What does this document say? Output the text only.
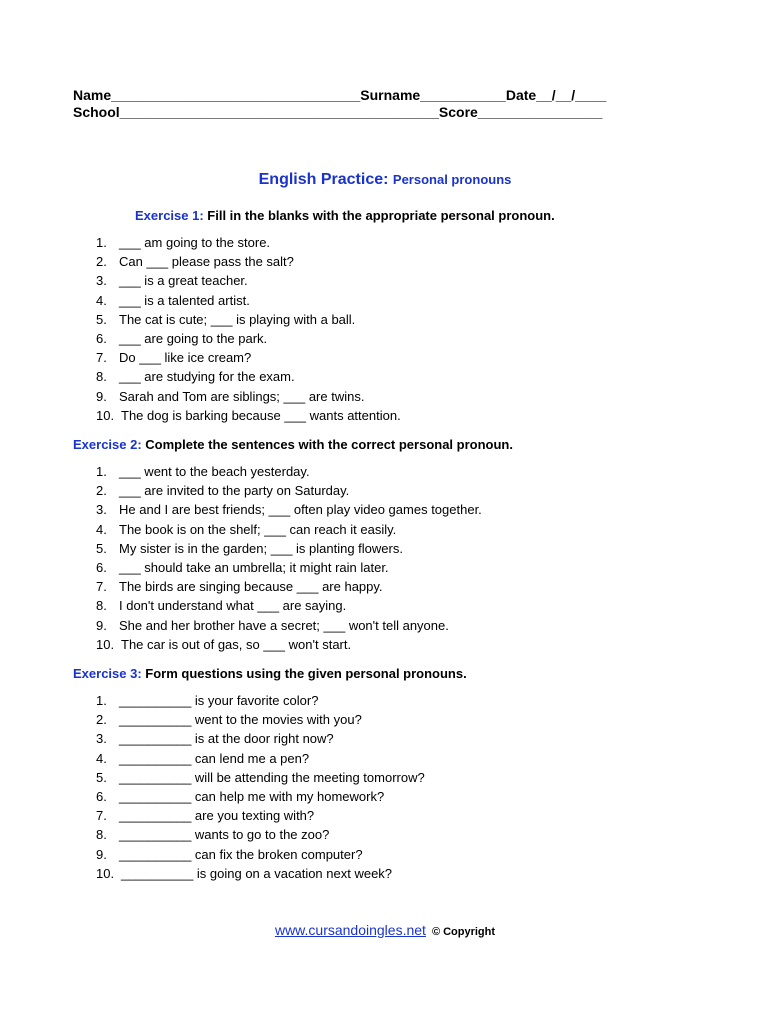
Name________________________________Surname___________Date__/__/____
School_________________________________________Score________________
English Practice: Personal pronouns
Exercise 1: Fill in the blanks with the appropriate personal pronoun.
1. ___ am going to the store.
2. Can ___ please pass the salt?
3. ___ is a great teacher.
4. ___ is a talented artist.
5. The cat is cute; ___ is playing with a ball.
6. ___ are going to the park.
7. Do ___ like ice cream?
8. ___ are studying for the exam.
9. Sarah and Tom are siblings; ___ are twins.
10. The dog is barking because ___ wants attention.
Exercise 2: Complete the sentences with the correct personal pronoun.
1. ___ went to the beach yesterday.
2. ___ are invited to the party on Saturday.
3. He and I are best friends; ___ often play video games together.
4. The book is on the shelf; ___ can reach it easily.
5. My sister is in the garden; ___ is planting flowers.
6. ___ should take an umbrella; it might rain later.
7. The birds are singing because ___ are happy.
8. I don't understand what ___ are saying.
9. She and her brother have a secret; ___ won't tell anyone.
10. The car is out of gas, so ___ won't start.
Exercise 3: Form questions using the given personal pronouns.
1. __________ is your favorite color?
2. __________ went to the movies with you?
3. __________ is at the door right now?
4. __________ can lend me a pen?
5. __________ will be attending the meeting tomorrow?
6. __________ can help me with my homework?
7. __________ are you texting with?
8. __________ wants to go to the zoo?
9. __________ can fix the broken computer?
10. __________ is going on a vacation next week?
www.cursandoingles.net © Copyright
